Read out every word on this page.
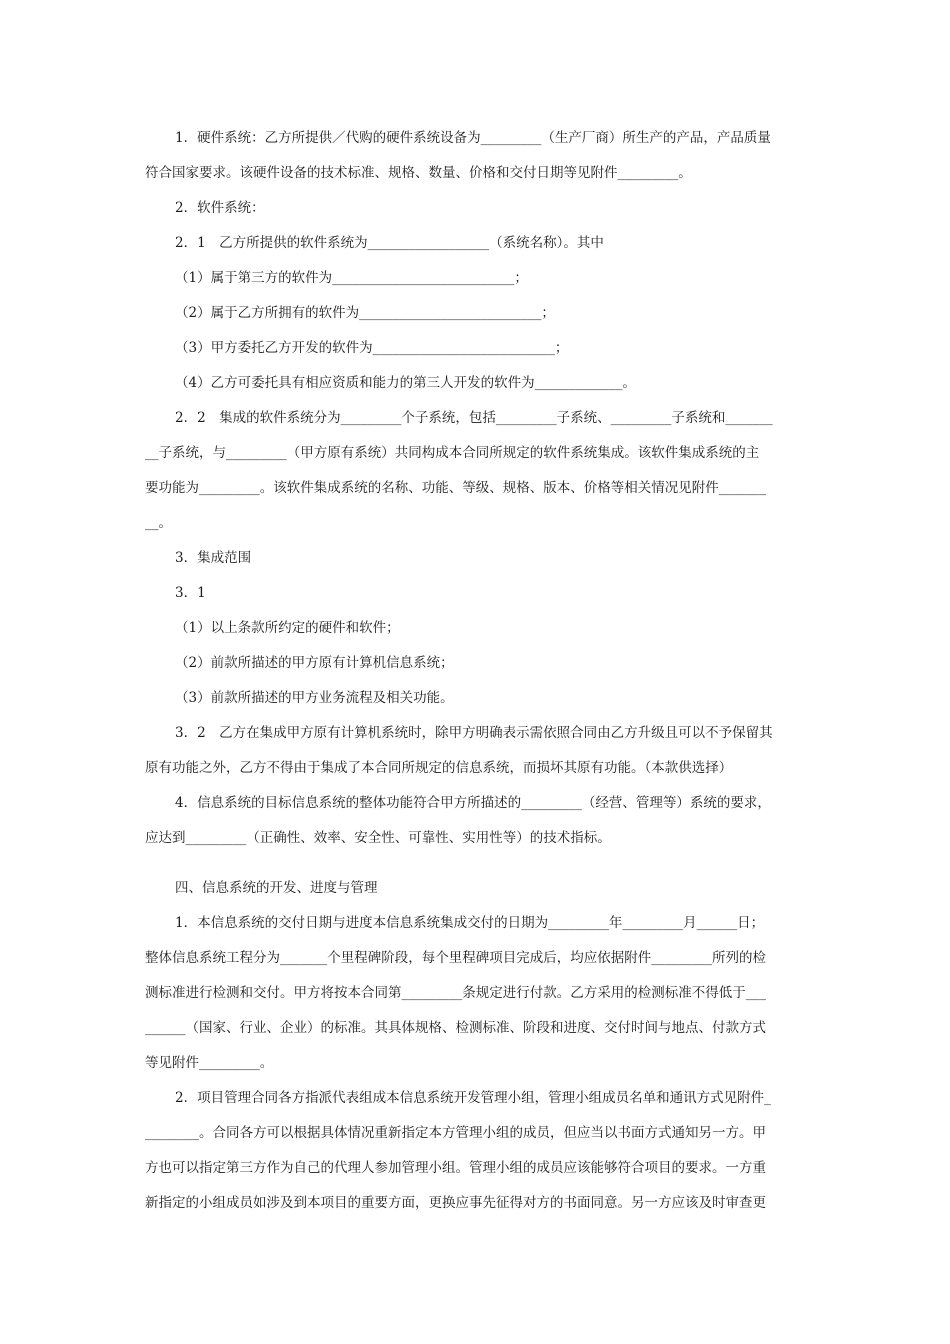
1．硬件系统：乙方所提供／代购的硬件系统设备为_________（生产厂商）所生产的产品，产品质量
符合国家要求。该硬件设备的技术标准、规格、数量、价格和交付日期等见附件_________。
2．软件系统：
2．1　乙方所提供的软件系统为__________________（系统名称）。其中
（1）属于第三方的软件为___________________________；
（2）属于乙方所拥有的软件为___________________________；
（3）甲方委托乙方开发的软件为___________________________；
（4）乙方可委托具有相应资质和能力的第三人开发的软件为_____________。
2．2　集成的软件系统分为_________个子系统，包括_________子系统、_________子系统和_______
__子系统，与_________（甲方原有系统）共同构成本合同所规定的软件系统集成。该软件集成系统的主
要功能为_________。该软件集成系统的名称、功能、等级、规格、版本、价格等相关情况见附件_______
__。
3．集成范围
3．1
（1）以上条款所约定的硬件和软件；
（2）前款所描述的甲方原有计算机信息系统；
（3）前款所描述的甲方业务流程及相关功能。
3．2　乙方在集成甲方原有计算机系统时，除甲方明确表示需依照合同由乙方升级且可以不予保留其
原有功能之外，乙方不得由于集成了本合同所规定的信息系统，而损坏其原有功能。（本款供选择）
4．信息系统的目标信息系统的整体功能符合甲方所描述的_________（经营、管理等）系统的要求，
应达到_________（正确性、效率、安全性、可靠性、实用性等）的技术指标。
四、信息系统的开发、进度与管理
1．本信息系统的交付日期与进度本信息系统集成交付的日期为_________年_________月______日；
整体信息系统工程分为_______个里程碑阶段，每个里程碑项目完成后，均应依据附件_________所列的检
测标准进行检测和交付。甲方将按本合同第_________条规定进行付款。乙方采用的检测标准不得低于___
______（国家、行业、企业）的标准。其具体规格、检测标准、阶段和进度、交付时间与地点、付款方式
等见附件_________。
2．项目管理合同各方指派代表组成本信息系统开发管理小组，管理小组成员名单和通讯方式见附件_
________。合同各方可以根据具体情况重新指定本方管理小组的成员，但应当以书面方式通知另一方。甲
方也可以指定第三方作为自己的代理人参加管理小组。管理小组的成员应该能够符合项目的要求。一方重
新指定的小组成员如涉及到本项目的重要方面，更换应事先征得对方的书面同意。另一方应该及时审查更
